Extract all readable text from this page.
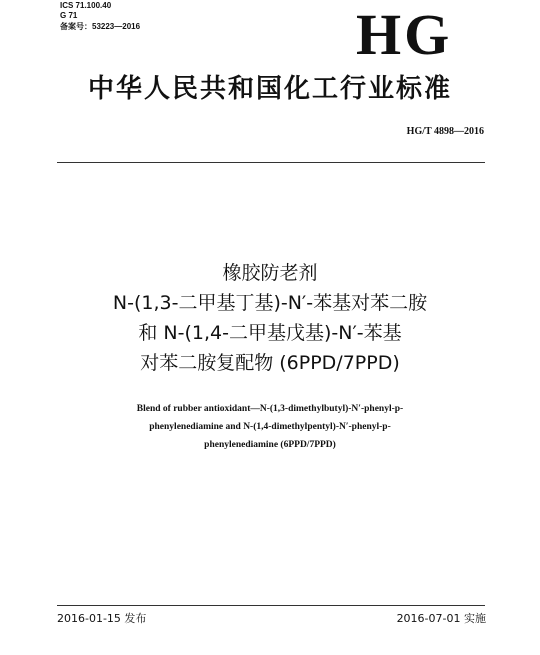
ICS 71.100.40
G 71
备案号：53223—2016	HG
中华人民共和国化工行业标准
HG/T 4898—2016
橡胶防老剂
N-(1,3-二甲基丁基)-N′-苯基对苯二胺
和 N-(1,4-二甲基戊基)-N′-苯基
对苯二胺复配物 (6PPD/7PPD)
Blend of rubber antioxidant—N-(1,3-dimethylbutyl)-N′-phenyl-p-
phenylenediamine and N-(1,4-dimethylpentyl)-N′-phenyl-p-
phenylenediamine (6PPD/7PPD)
2016-01-15 发布	2016-07-01 实施
